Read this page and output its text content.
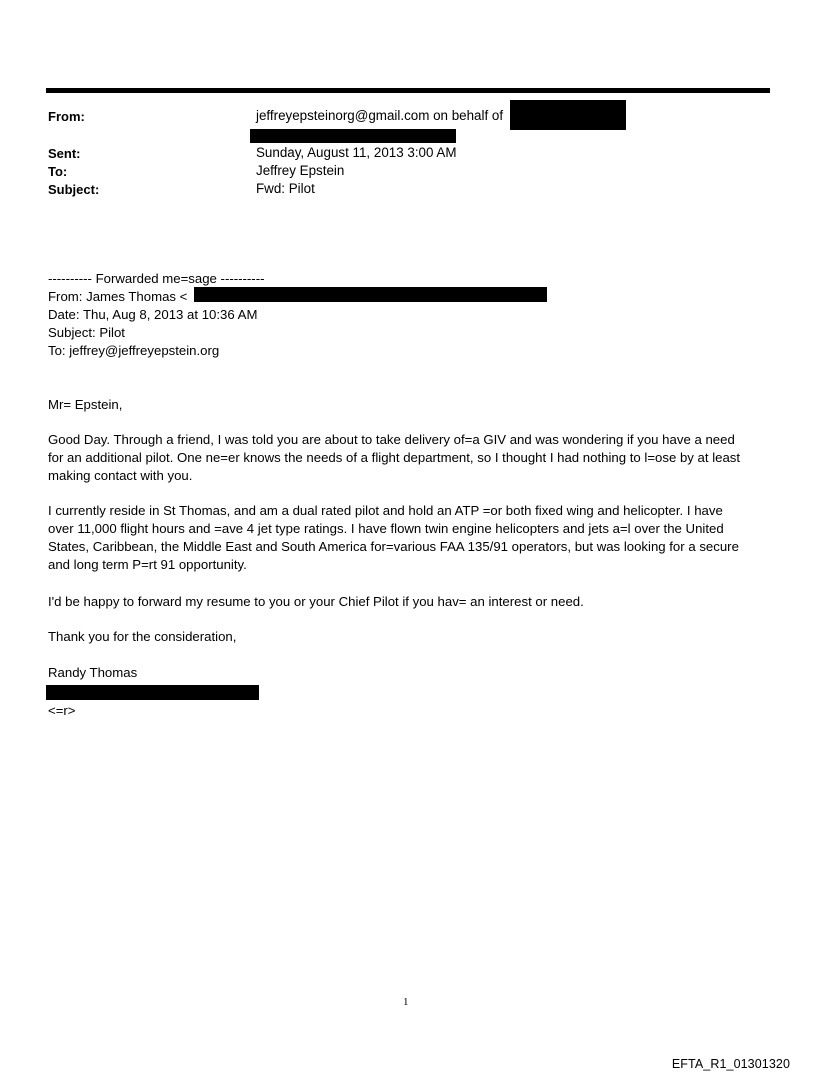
From:	jeffreyepsteinorg@gmail.com on behalf of
Sent:	Sunday, August 11, 2013 3:00 AM
To:	Jeffrey Epstein
Subject:	Fwd: Pilot
---------- Forwarded me=sage ----------
From: James Thomas <
Date: Thu, Aug 8, 2013 at 10:36 AM
Subject: Pilot
To: jeffrey@jeffreyepstein.org
Mr= Epstein,
Good Day. Through a friend, I was told you are about to take delivery of=a GIV and was wondering if you have a need
for an additional pilot. One ne=er knows the needs of a flight department, so I thought I had nothing to l=ose by at least
making contact with you.
I currently reside in St Thomas, and am a dual rated pilot and hold an ATP =or both fixed wing and helicopter. I have
over 11,000 flight hours and =ave 4 jet type ratings. I have flown twin engine helicopters and jets a=l over the United
States, Caribbean, the Middle East and South America for=various FAA 135/91 operators, but was looking for a secure
and long term P=rt 91 opportunity.
I'd be happy to forward my resume to you or your Chief Pilot if you hav= an interest or need.
Thank you for the consideration,
Randy Thomas
<=r>
1
EFTA_R1_01301320
